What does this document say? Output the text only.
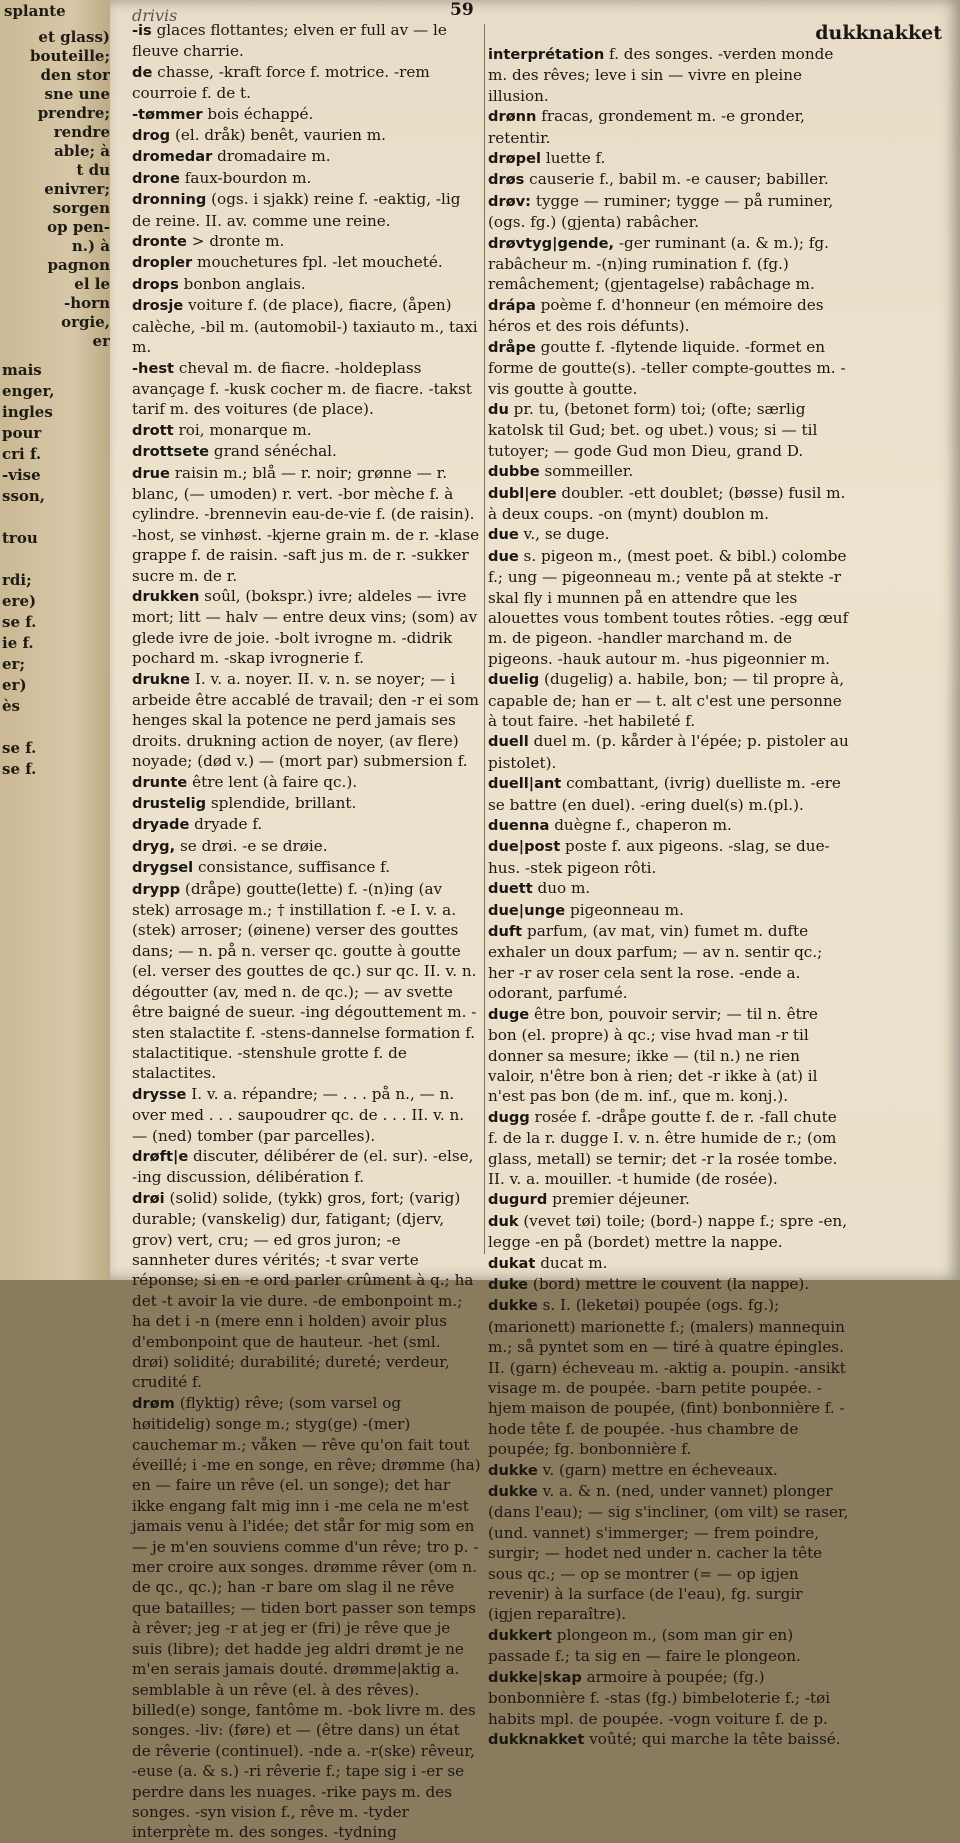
splante
et glass)
bouteille;
den stor
sne une
prendre;
rendre
able; à
t du
enivrer;
sorgen
op pen-
n.) à
pagnon
el le
-horn
orgie,
er
mais
enger,
ingles
pour
cri f.
-vise
sson,

trou

rdi;
ere)
se f.
ie f.
er;
er)
ès

se f.
se f.
drivis	59
dukknakket

-is glaces flottantes; elven er full av — le fleuve charrie.

de chasse, -kraft force f. motrice. -rem courroie f. de t.

-tømmer bois échappé.

drog (el. dråk) benêt, vaurien m.

dromedar dromadaire m.

drone faux-bourdon m.

dronning (ogs. i sjakk) reine f. -eaktig, -lig de reine. II. av. comme une reine.

dronte > dronte m.

dropler mouchetures fpl. -let moucheté.

drops bonbon anglais.

drosje voiture f. (de place), fiacre, (åpen) calèche, -bil m. (automobil-) taxiauto m., taxi m.

-hest cheval m. de fiacre. -holdeplass avançage f. -kusk cocher m. de fiacre. -takst tarif m. des voitures (de place).

drott roi, monarque m.

drottsete grand sénéchal.

drue raisin m.; blå — r. noir; grønne — r. blanc, (— umoden) r. vert. -bor mèche f. à cylindre. -brennevin eau-de-vie f. (de raisin). -host, se vinhøst. -kjerne grain m. de r. -klase grappe f. de raisin. -saft jus m. de r. -sukker sucre m. de r.

drukken soûl, (bokspr.) ivre; aldeles — ivre mort; litt — halv — entre deux vins; (som) av glede ivre de joie. -bolt ivrogne m. -didrik pochard m. -skap ivrognerie f.

drukne I. v. a. noyer. II. v. n. se noyer; — i arbeide être accablé de travail; den -r ei som henges skal la potence ne perd jamais ses droits. drukning action de noyer, (av flere) noyade; (død v.) — (mort par) submersion f.

drunte être lent (à faire qc.).

drustelig splendide, brillant.

dryade dryade f.

dryg, se drøi. -e se drøie.

drygsel consistance, suffisance f.

drypp (dråpe) goutte(lette) f. -(n)ing (av stek) arrosage m.; † instillation f. -e I. v. a. (stek) arroser; (øinene) verser des gouttes dans; — n. på n. verser qc. goutte à goutte (el. verser des gouttes de qc.) sur qc. II. v. n. dégoutter (av, med n. de qc.); — av svette être baigné de sueur. -ing dégouttement m. -sten stalactite f. -stens-dannelse formation f. stalactitique. -stenshule grotte f. de stalactites.

drysse I. v. a. répandre; — . . . på n., — n. over med . . . saupoudrer qc. de . . . II. v. n. — (ned) tomber (par parcelles).

drøft|e discuter, délibérer de (el. sur). -else, -ing discussion, délibération f.

drøi (solid) solide, (tykk) gros, fort; (varig) durable; (vanskelig) dur, fatigant; (djerv, grov) vert, cru; — ed gros juron; -e sannheter dures vérités; -t svar verte réponse; si en -e ord parler crûment à q.; ha det -t avoir la vie dure. -de embonpoint m.; ha det i -n (mere enn i holden) avoir plus d'embonpoint que de hauteur. -het (sml. drøi) solidité; durabilité; dureté; verdeur, crudité f.

drøm (flyktig) rêve; (som varsel og høitidelig) songe m.; styg(ge) -(mer) cauchemar m.; våken — rêve qu'on fait tout éveillé; i -me en songe, en rêve; drømme (ha) en — faire un rêve (el. un songe); det har ikke engang falt mig inn i -me cela ne m'est jamais venu à l'idée; det står for mig som en — je m'en souviens comme d'un rêve; tro p. -mer croire aux songes. drømme rêver (om n. de qc., qc.); han -r bare om slag il ne rêve que batailles; — tiden bort passer son temps à rêver; jeg -r at jeg er (fri) je rêve que je suis (libre); det hadde jeg aldri drømt je ne m'en serais jamais douté. drømme|aktig a. semblable à un rêve (el. à des rêves). billed(e) songe, fantôme m. -bok livre m. des songes. -liv: (føre) et — (être dans) un état de rêverie (continuel). -nde a. -r(ske) rêveur, -euse (a. & s.) -ri rêverie f.; tape sig i -er se perdre dans les nuages. -rike pays m. des songes. -syn vision f., rêve m. -tyder interprète m. des songes. -tydning

interprétation f. des songes. -verden monde m. des rêves; leve i sin — vivre en pleine illusion.

drønn fracas, grondement m. -e gronder, retentir.

drøpel luette f.

drøs causerie f., babil m. -e causer; babiller.

drøv: tygge — ruminer; tygge — på ruminer, (ogs. fg.) (gjenta) rabâcher.

drøvtyg|gende, -ger ruminant (a. & m.); fg. rabâcheur m. -(n)ing rumination f. (fg.) remâchement; (gjentagelse) rabâchage m.

drápa poème f. d'honneur (en mémoire des héros et des rois défunts).

dråpe goutte f. -flytende liquide. -formet en forme de goutte(s). -teller compte-gouttes m. -vis goutte à goutte.

du pr. tu, (betonet form) toi; (ofte; særlig katolsk til Gud; bet. og ubet.) vous; si — til tutoyer; — gode Gud mon Dieu, grand D.

dubbe sommeiller.

dubl|ere doubler. -ett doublet; (bøsse) fusil m. à deux coups. -on (mynt) doublon m.

due v., se duge.

due s. pigeon m., (mest poet. & bibl.) colombe f.; ung — pigeonneau m.; vente på at stekte -r skal fly i munnen på en attendre que les alouettes vous tombent toutes rôties. -egg œuf m. de pigeon. -handler marchand m. de pigeons. -hauk autour m. -hus pigeonnier m.

duelig (dugelig) a. habile, bon; — til propre à, capable de; han er — t. alt c'est une personne à tout faire. -het habileté f.

duell duel m. (p. kårder à l'épée; p. pistoler au pistolet).

duell|ant combattant, (ivrig) duelliste m. -ere se battre (en duel). -ering duel(s) m.(pl.).

duenna duègne f., chaperon m.

due|post poste f. aux pigeons. -slag, se due-hus. -stek pigeon rôti.

duett duo m.

due|unge pigeonneau m.

duft parfum, (av mat, vin) fumet m. dufte exhaler un doux parfum; — av n. sentir qc.; her -r av roser cela sent la rose. -ende a. odorant, parfumé.

duge être bon, pouvoir servir; — til n. être bon (el. propre) à qc.; vise hvad man -r til donner sa mesure; ikke — (til n.) ne rien valoir, n'être bon à rien; det -r ikke à (at) il n'est pas bon (de m. inf., que m. konj.).

dugg rosée f. -dråpe goutte f. de r. -fall chute f. de la r. dugge I. v. n. être humide de r.; (om glass, metall) se ternir; det -r la rosée tombe. II. v. a. mouiller. -t humide (de rosée).

dugurd premier déjeuner.

duk (vevet tøi) toile; (bord-) nappe f.; spre -en, legge -en på (bordet) mettre la nappe.

dukat ducat m.

duke (bord) mettre le couvent (la nappe).

dukke s. I. (leketøi) poupée (ogs. fg.); (marionett) marionette f.; (malers) mannequin m.; så pyntet som en — tiré à quatre épingles. II. (garn) écheveau m. -aktig a. poupin. -ansikt visage m. de poupée. -barn petite poupée. -hjem maison de poupée, (fint) bonbonnière f. -hode tête f. de poupée. -hus chambre de poupée; fg. bonbonnière f.

dukke v. (garn) mettre en écheveaux.

dukke v. a. & n. (ned, under vannet) plonger (dans l'eau); — sig s'incliner, (om vilt) se raser, (und. vannet) s'immerger; — frem poindre, surgir; — hodet ned under n. cacher la tête sous qc.; — op se montrer (= — op igjen revenir) à la surface (de l'eau), fg. surgir (igjen reparaître).

dukkert plongeon m., (som man gir en) passade f.; ta sig en — faire le plongeon.

dukke|skap armoire à poupée; (fg.) bonbonnière f. -stas (fg.) bimbeloterie f.; -tøi habits mpl. de poupée. -vogn voiture f. de p.

dukknakket voûté; qui marche la tête baissé.
